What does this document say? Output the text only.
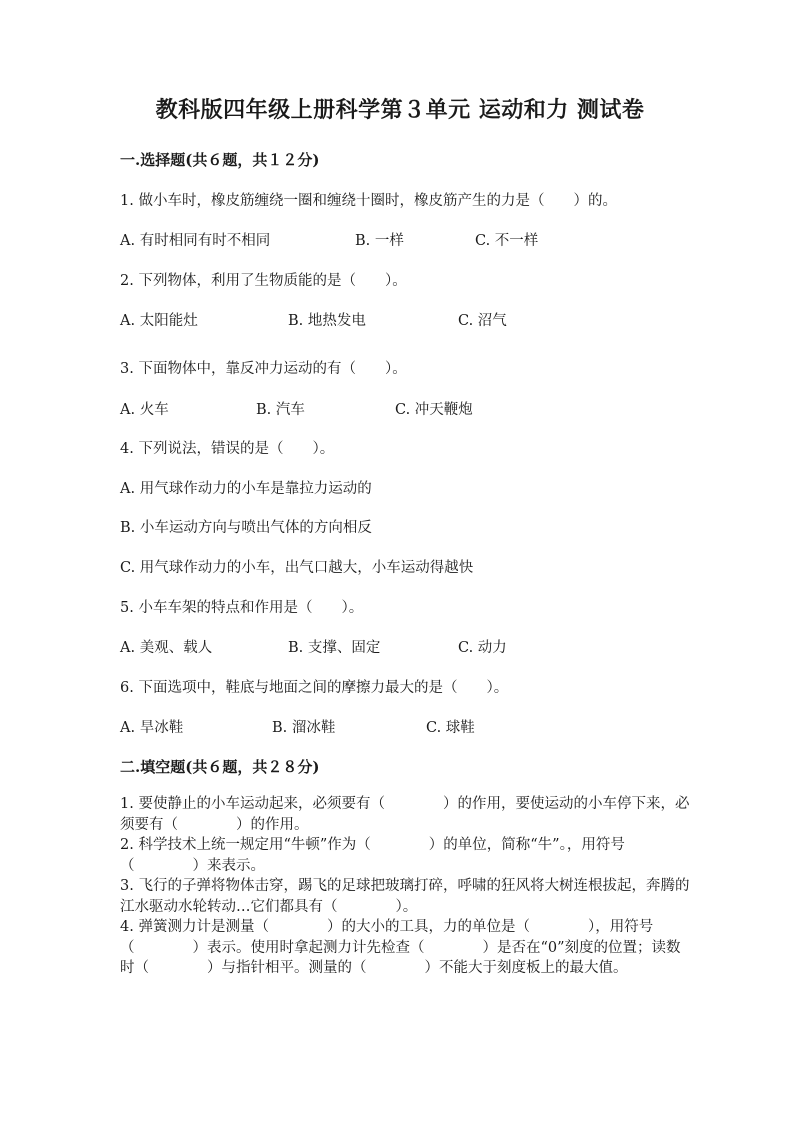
教科版四年级上册科学第３单元 运动和力 测试卷
一.选择题(共６题，共１２分)
1. 做小车时，橡皮筋缠绕一圈和缠绕十圈时，橡皮筋产生的力是（　　）的。
A. 有时相同有时不相同	B. 一样	C. 不一样
2. 下列物体，利用了生物质能的是（　　）。
A. 太阳能灶	B. 地热发电	C. 沼气
3. 下面物体中，靠反冲力运动的有（　　）。
A. 火车	B. 汽车	C. 冲天鞭炮
4. 下列说法，错误的是（　　）。
A. 用气球作动力的小车是靠拉力运动的
B. 小车运动方向与喷出气体的方向相反
C. 用气球作动力的小车，出气口越大，小车运动得越快
5. 小车车架的特点和作用是（　　）。
A. 美观、载人	B. 支撑、固定	C. 动力
6. 下面选项中，鞋底与地面之间的摩擦力最大的是（　　）。
A. 旱冰鞋	B. 溜冰鞋	C. 球鞋
二.填空题(共６题，共２８分)

1. 要使静止的小车运动起来，必须要有（　　　　）的作用，要使运动的小车停下来，必须要有（　　　　）的作用。

2. 科学技术上统一规定用“牛顿”作为（　　　　）的单位，简称“牛”。，用符号（　　　　）来表示。

3. 飞行的子弹将物体击穿，踢飞的足球把玻璃打碎，呼啸的狂风将大树连根拔起，奔腾的江水驱动水轮转动…它们都具有（　　　　）。

4. 弹簧测力计是测量（　　　　）的大小的工具，力的单位是（　　　　），用符号（　　　　）表示。使用时拿起测力计先检查（　　　　）是否在“0”刻度的位置；读数时（　　　　）与指针相平。测量的（　　　　）不能大于刻度板上的最大值。
